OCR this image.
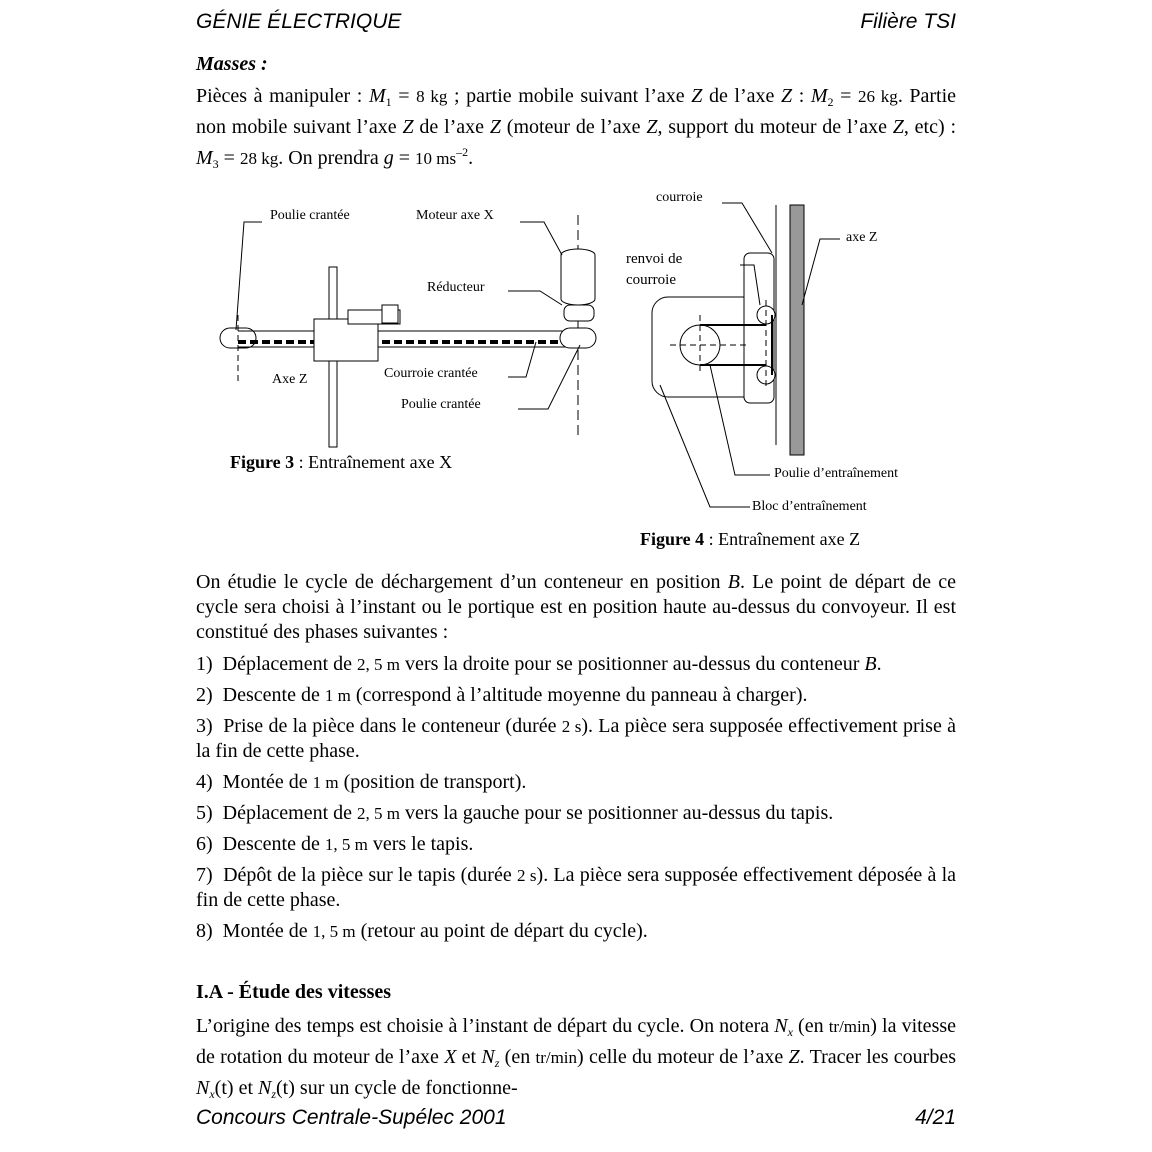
GÉNIE ÉLECTRIQUE	Filière TSI
Masses :
Pièces à manipuler : $M_1 = 8$ kg ; partie mobile suivant l’axe Z de l’axe Z : $M_2 = 26$ kg. Partie non mobile suivant l’axe Z de l’axe Z (moteur de l’axe Z, support du moteur de l’axe Z, etc) : $M_3 = 28$ kg. On prendra g = 10 $ms^{-2}$.
Poulie crantée	Moteur axe X
Réducteur
Axe Z	Courroie crantée
Poulie crantée
Figure 3 : Entraînement axe X
courroie
axe Z
renvoi de
courroie
Poulie d’entraînement
Bloc d’entraînement
Figure 4 : Entraînement axe Z
On étudie le cycle de déchargement d’un conteneur en position B. Le point de départ de ce cycle sera choisi à l’instant ou le portique est en position haute au-dessus du convoyeur. Il est constitué des phases suivantes :

1) Déplacement de 2, 5 m vers la droite pour se positionner au-dessus du conteneur B.

2) Descente de 1 m (correspond à l’altitude moyenne du panneau à charger).

3) Prise de la pièce dans le conteneur (durée 2 s). La pièce sera supposée effectivement prise à la fin de cette phase.

4) Montée de 1 m (position de transport).

5) Déplacement de 2, 5 m vers la gauche pour se positionner au-dessus du tapis.

6) Descente de 1, 5 m vers le tapis.

7) Dépôt de la pièce sur le tapis (durée 2 s). La pièce sera supposée effectivement déposée à la fin de cette phase.

8) Montée de 1, 5 m (retour au point de départ du cycle).

I.A - Étude des vitesses
L’origine des temps est choisie à l’instant de départ du cycle. On notera $N_x$ (en tr/min) la vitesse de rotation du moteur de l’axe X et $N_z$ (en tr/min) celle du moteur de l’axe Z. Tracer les courbes $N_x(t)$ et $N_z(t)$ sur un cycle de fonctionne-
Concours Centrale-Supélec 2001	4/21
